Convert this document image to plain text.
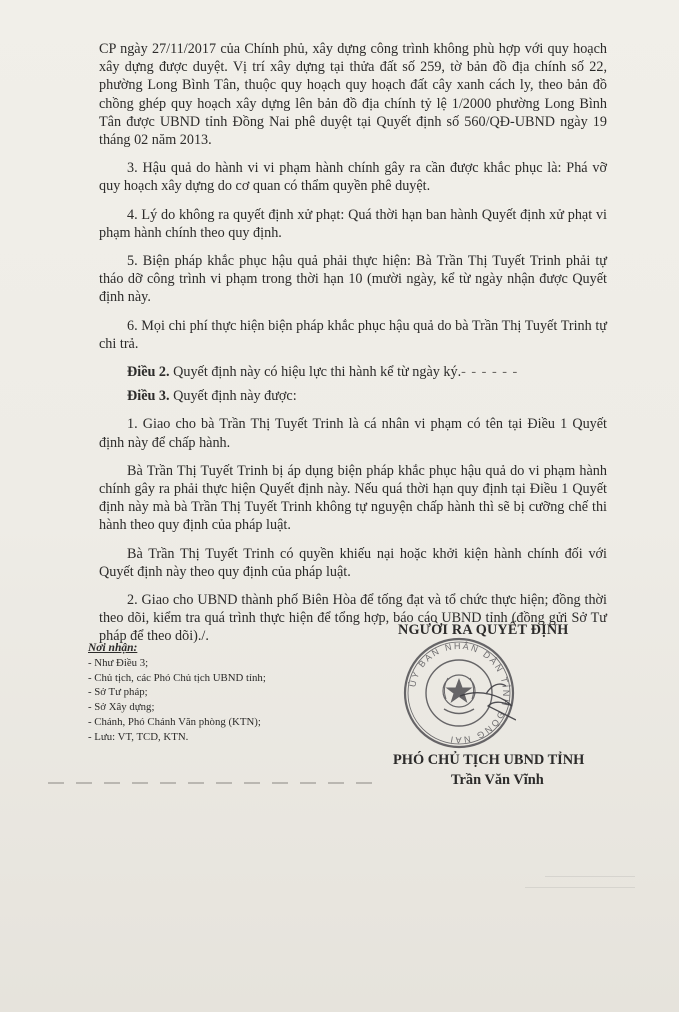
CP ngày 27/11/2017 của Chính phủ, xây dựng công trình không phù hợp với quy hoạch xây dựng được duyệt. Vị trí xây dựng tại thửa đất số 259, tờ bản đồ địa chính số 22, phường Long Bình Tân, thuộc quy hoạch quy hoạch đất cây xanh cách ly, theo bản đồ chồng ghép quy hoạch xây dựng lên bản đồ địa chính tỷ lệ 1/2000 phường Long Bình Tân được UBND tỉnh Đồng Nai phê duyệt tại Quyết định số 560/QĐ-UBND ngày 19 tháng 02 năm 2013.

3. Hậu quả do hành vi vi phạm hành chính gây ra cần được khắc phục là: Phá vỡ quy hoạch xây dựng do cơ quan có thẩm quyền phê duyệt.

4. Lý do không ra quyết định xử phạt: Quá thời hạn ban hành Quyết định xử phạt vi phạm hành chính theo quy định.

5. Biện pháp khắc phục hậu quả phải thực hiện: Bà Trần Thị Tuyết Trinh phải tự tháo dỡ công trình vi phạm trong thời hạn 10 (mười ngày, kể từ ngày nhận được Quyết định này.

6. Mọi chi phí thực hiện biện pháp khắc phục hậu quả do bà Trần Thị Tuyết Trinh tự chi trả.

Điều 2. Quyết định này có hiệu lực thi hành kể từ ngày ký.- - - - - -

Điều 3. Quyết định này được:

1. Giao cho bà Trần Thị Tuyết Trinh là cá nhân vi phạm có tên tại Điều 1 Quyết định này để chấp hành.

Bà Trần Thị Tuyết Trinh bị áp dụng biện pháp khắc phục hậu quả do vi phạm hành chính gây ra phải thực hiện Quyết định này. Nếu quá thời hạn quy định tại Điều 1 Quyết định này mà bà Trần Thị Tuyết Trinh không tự nguyện chấp hành thì sẽ bị cưỡng chế thi hành theo quy định của pháp luật.

Bà Trần Thị Tuyết Trinh có quyền khiếu nại hoặc khởi kiện hành chính đối với Quyết định này theo quy định của pháp luật.

2. Giao cho UBND thành phố Biên Hòa để tống đạt và tổ chức thực hiện; đồng thời theo dõi, kiểm tra quá trình thực hiện để tổng hợp, báo cáo UBND tỉnh (đồng gửi Sở Tư pháp để theo dõi)./.

Nơi nhận:
- Như Điều 3;
- Chủ tịch, các Phó Chủ tịch UBND tỉnh;
- Sở Tư pháp;
- Sở Xây dựng;
- Chánh, Phó Chánh Văn phòng (KTN);
- Lưu: VT, TCD, KTN.
NGƯỜI RA QUYẾT ĐỊNH
ỦY BAN NHÂN DÂN TỈNH ĐỒNG NAI
PHÓ CHỦ TỊCH UBND TỈNH
Trần Văn Vĩnh
